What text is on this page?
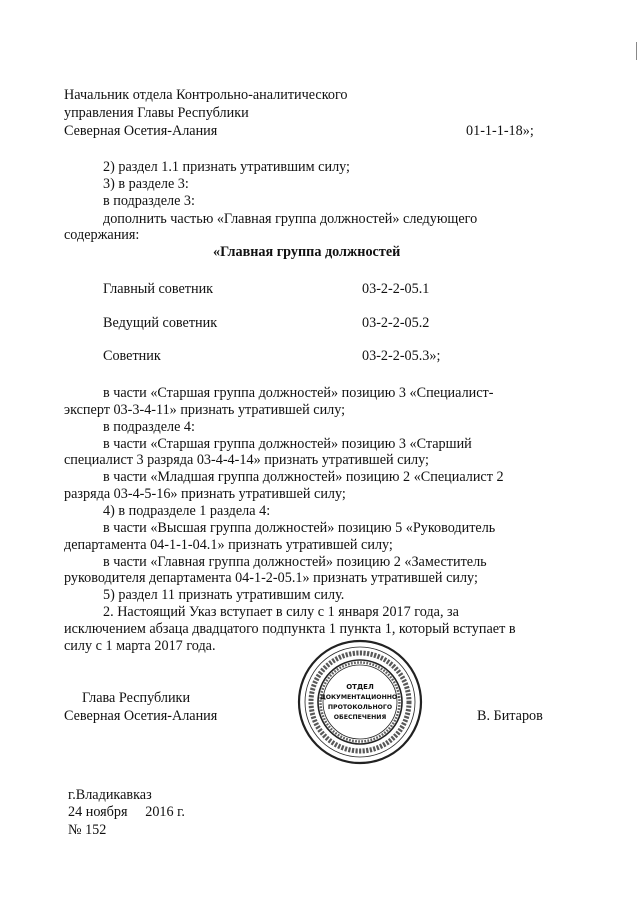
Начальник отдела Контрольно-аналитического
управления Главы Республики
Северная Осетия-Алания	01-1-1-18»;
2) раздел 1.1 признать утратившим силу;
3) в разделе 3:
в подразделе 3:
дополнить частью «Главная группа должностей» следующего
содержания:
«Главная группа должностей
Главный советник	03-2-2-05.1
Ведущий советник	03-2-2-05.2
Советник	03-2-2-05.3»;
в части «Старшая группа должностей» позицию 3 «Специалист-
эксперт 03-3-4-11» признать утратившей силу;
в подразделе 4:
в части «Старшая группа должностей» позицию 3 «Старший
специалист 3 разряда 03-4-4-14» признать утратившей силу;
в части «Младшая группа должностей» позицию 2 «Специалист 2
разряда 03-4-5-16» признать утратившей силу;
4) в подразделе 1 раздела 4:
в части «Высшая группа должностей» позицию 5 «Руководитель
департамента 04-1-1-04.1» признать утратившей силу;
в части «Главная группа должностей» позицию 2 «Заместитель
руководителя департамента 04-1-2-05.1» признать утратившей силу;
5) раздел 11 признать утратившим силу.
2. Настоящий Указ вступает в силу с 1 января 2017 года, за
исключением абзаца двадцатого подпункта 1 пункта 1, который вступает в
силу с 1 марта 2017 года.
Глава Республики
Северная Осетия-Алания	В. Битаров
ОТДЕЛ
ДОКУМЕНТАЦИОННО-
ПРОТОКОЛЬНОГО
ОБЕСПЕЧЕНИЯ
г.Владикавказ
24 ноября     2016 г.
№ 152
